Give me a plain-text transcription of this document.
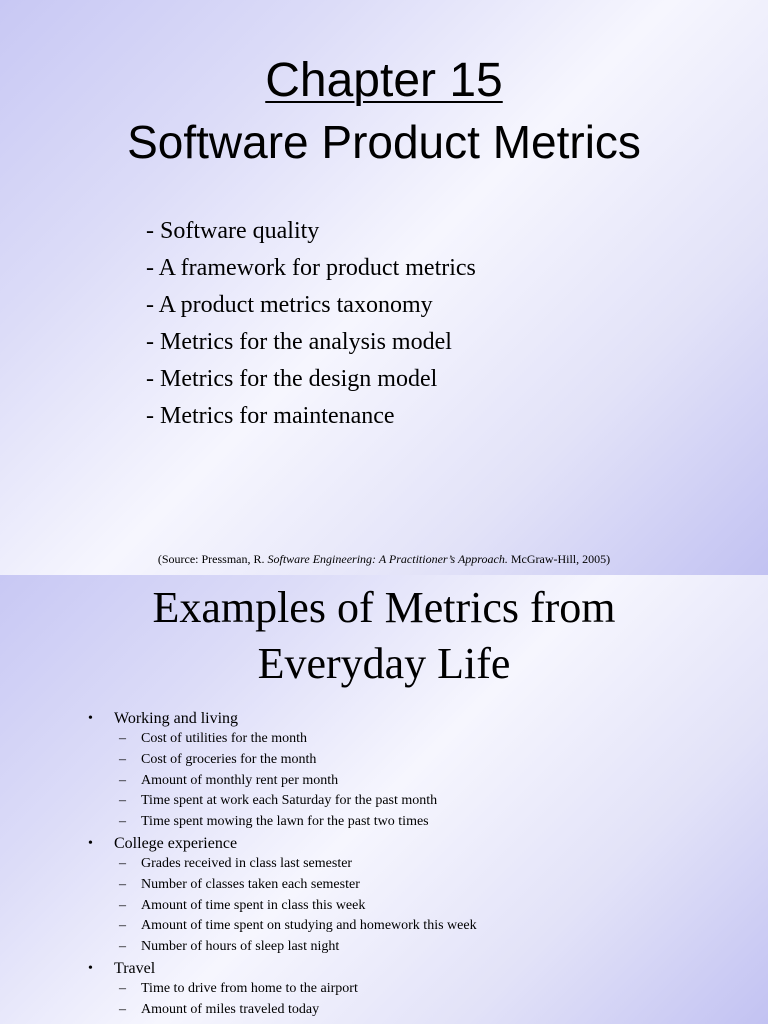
Chapter 15
Software Product Metrics
- Software quality
- A framework for product metrics
- A product metrics taxonomy
- Metrics for the analysis model
- Metrics for the design model
- Metrics for maintenance
(Source: Pressman, R. Software Engineering: A Practitioner’s Approach. McGraw-Hill, 2005)
Examples of Metrics from
Everyday Life
• Working and living
– Cost of utilities for the month
– Cost of groceries for the month
– Amount of monthly rent per month
– Time spent at work each Saturday for the past month
– Time spent mowing the lawn for the past two times
• College experience
– Grades received in class last semester
– Number of classes taken each semester
– Amount of time spent in class this week
– Amount of time spent on studying and homework this week
– Number of hours of sleep last night
• Travel
– Time to drive from home to the airport
– Amount of miles traveled today
